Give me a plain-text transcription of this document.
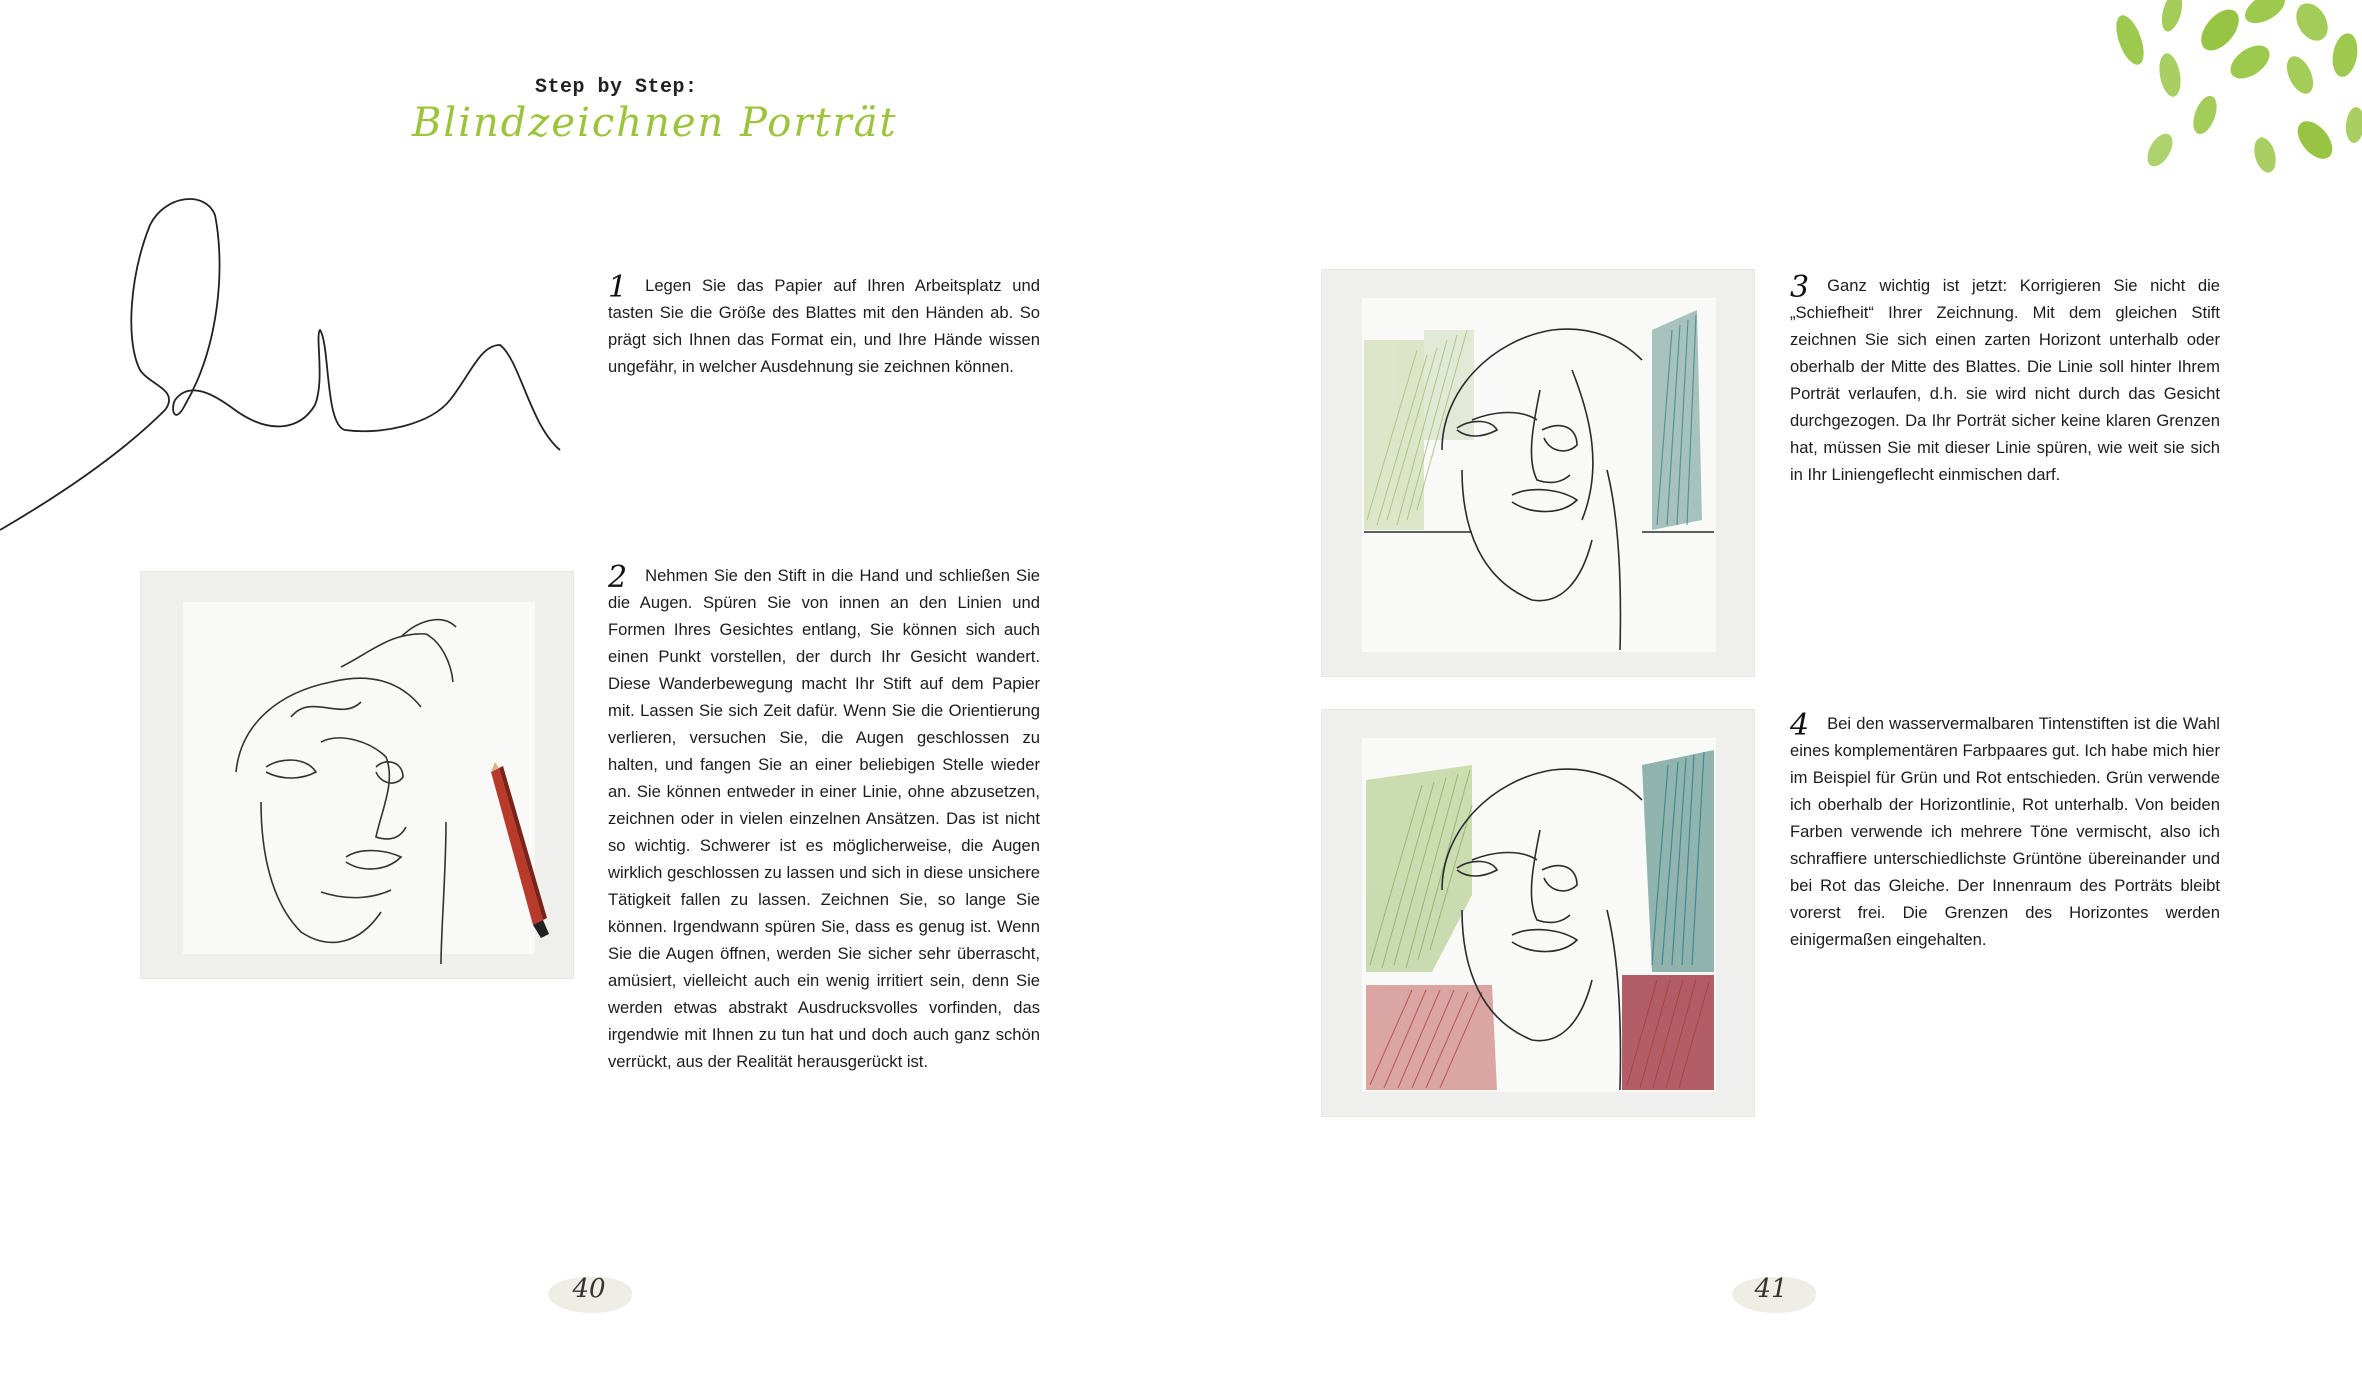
Step by Step:
Blindzeichnen Porträt
1 Legen Sie das Papier auf Ihren Arbeitsplatz und tasten Sie die Größe des Blattes mit den Händen ab. So prägt sich Ihnen das Format ein, und Ihre Hände wissen ungefähr, in welcher Ausdehnung sie zeichnen können.
2 Nehmen Sie den Stift in die Hand und schließen Sie die Augen. Spüren Sie von innen an den Linien und Formen Ihres Gesichtes entlang, Sie können sich auch einen Punkt vorstellen, der durch Ihr Gesicht wandert. Diese Wanderbewegung macht Ihr Stift auf dem Papier mit. Lassen Sie sich Zeit dafür. Wenn Sie die Orientierung verlieren, versuchen Sie, die Augen geschlossen zu halten, und fangen Sie an einer beliebigen Stelle wieder an. Sie können entweder in einer Linie, ohne abzusetzen, zeichnen oder in vielen einzelnen Ansätzen. Das ist nicht so wichtig. Schwerer ist es möglicherweise, die Augen wirklich geschlossen zu lassen und sich in diese unsichere Tätigkeit fallen zu lassen. Zeichnen Sie, so lange Sie können. Irgendwann spüren Sie, dass es genug ist. Wenn Sie die Augen öffnen, werden Sie sicher sehr überrascht, amüsiert, vielleicht auch ein wenig irritiert sein, denn Sie werden etwas abstrakt Ausdrucksvolles vorfinden, das irgendwie mit Ihnen zu tun hat und doch auch ganz schön verrückt, aus der Realität herausgerückt ist.
3 Ganz wichtig ist jetzt: Korrigieren Sie nicht die „Schiefheit“ Ihrer Zeichnung. Mit dem gleichen Stift zeichnen Sie sich einen zarten Horizont unterhalb oder oberhalb der Mitte des Blattes. Die Linie soll hinter Ihrem Porträt verlaufen, d.h. sie wird nicht durch das Gesicht durchgezogen. Da Ihr Porträt sicher keine klaren Grenzen hat, müssen Sie mit dieser Linie spüren, wie weit sie sich in Ihr Liniengeflecht einmischen darf.
4 Bei den wasservermalbaren Tintenstiften ist die Wahl eines komplementären Farbpaares gut. Ich habe mich hier im Beispiel für Grün und Rot entschieden. Grün verwende ich oberhalb der Horizontlinie, Rot unterhalb. Von beiden Farben verwende ich mehrere Töne vermischt, also ich schraffiere unterschiedlichste Grüntöne übereinander und bei Rot das Gleiche. Der Innenraum des Porträts bleibt vorerst frei. Die Grenzen des Horizontes werden einigermaßen eingehalten.
40	41
